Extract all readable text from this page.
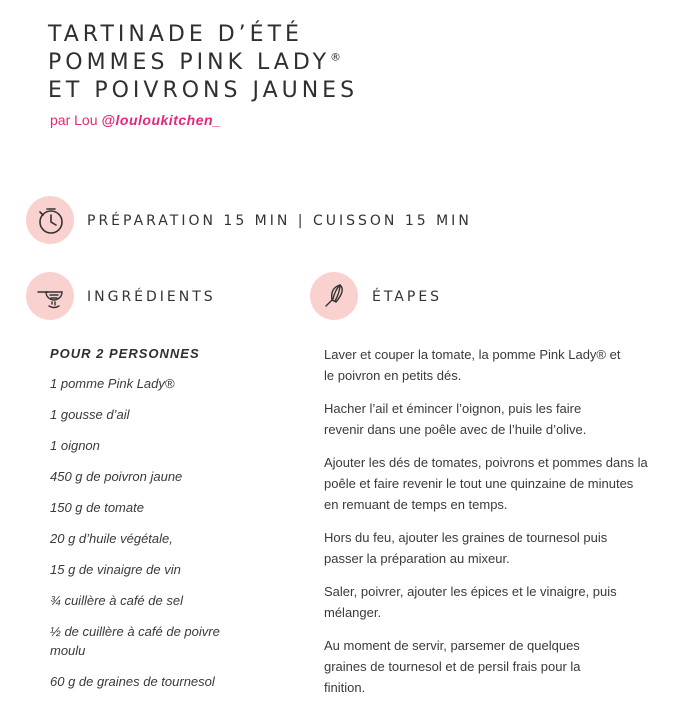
TARTINADE D’ÉTÉ
POMMES PINK LADY®
ET POIVRONS JAUNES
par Lou @louloukitchen_
PRÉPARATION 15 MIN | CUISSON 15 MIN
INGRÉDIENTS	ÉTAPES
POUR 2 PERSONNES
1 pomme Pink Lady®
1 gousse d’ail
1 oignon
450 g de poivron jaune
150 g de tomate
20 g d’huile végétale,
15 g de vinaigre de vin
¾ cuillère à café de sel
½ de cuillère à café de poivre moulu
60 g de graines de tournesol

Laver et couper la tomate, la pomme Pink Lady® et le poivron en petits dés.

Hacher l’ail et émincer l’oignon, puis les faire revenir dans une poêle avec de l’huile d’olive.

Ajouter les dés de tomates, poivrons et pommes dans la poêle et faire revenir le tout une quinzaine de minutes en remuant de temps en temps.

Hors du feu, ajouter les graines de tournesol puis passer la préparation au mixeur.

Saler, poivrer, ajouter les épices et le vinaigre, puis mélanger.

Au moment de servir, parsemer de quelques graines de tournesol et de persil frais pour la finition.
